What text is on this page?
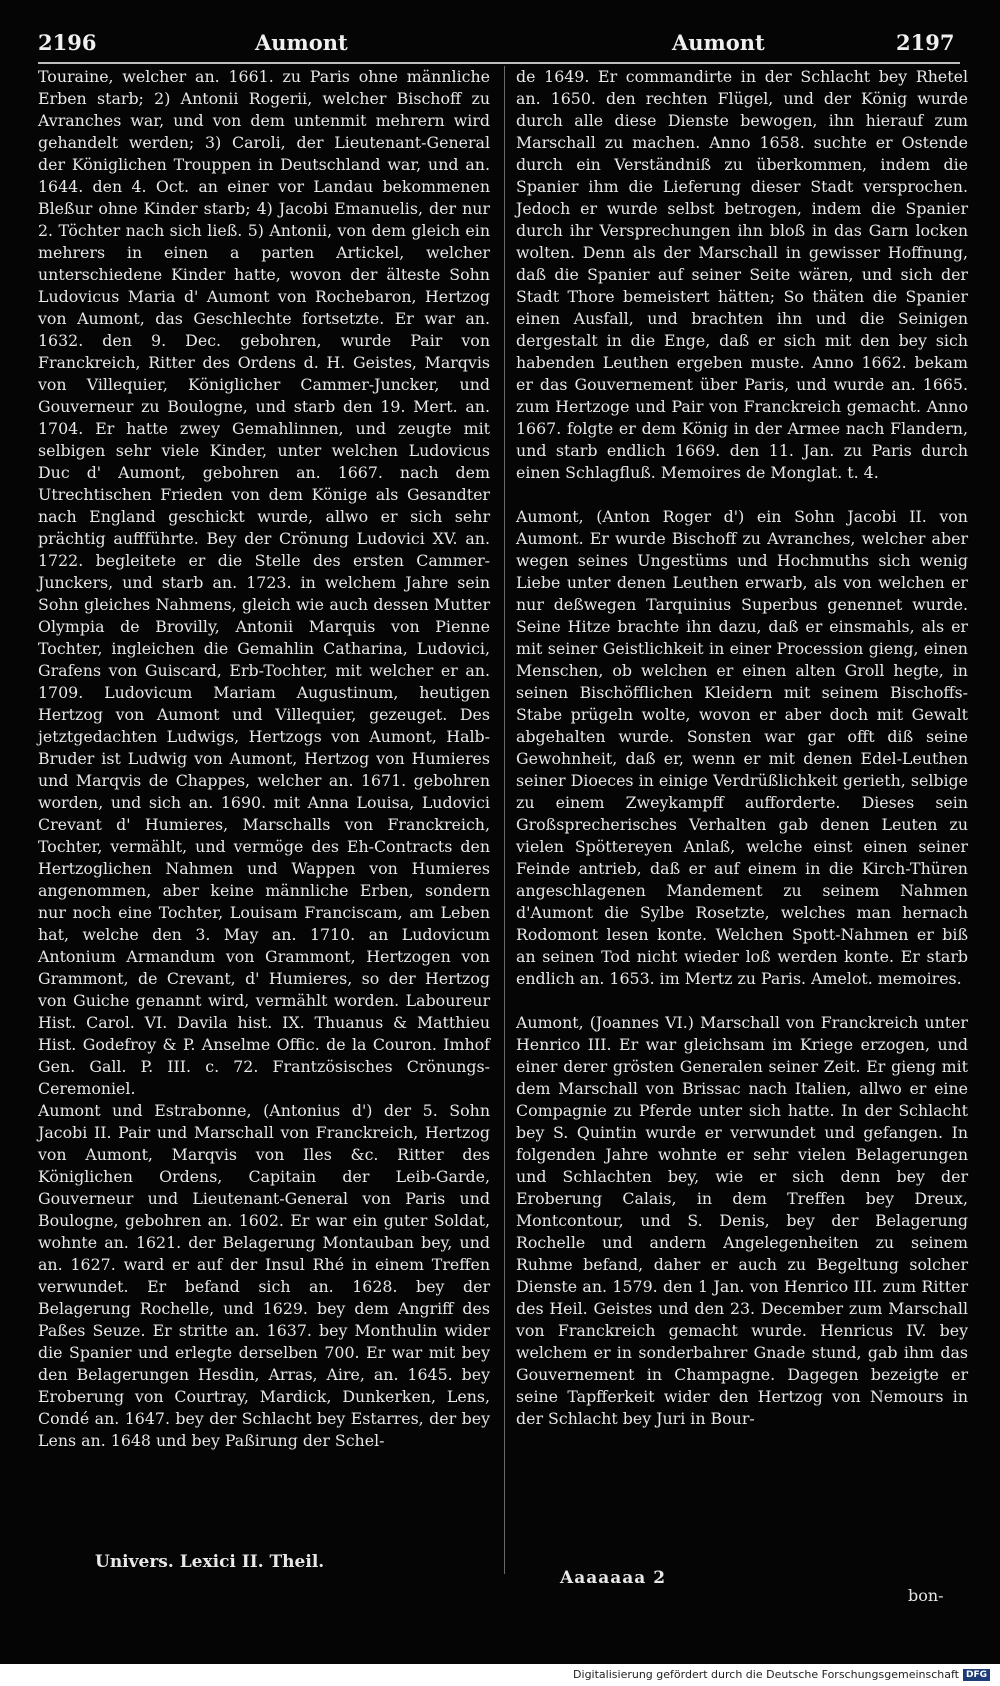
2196	Aumont	Aumont	2197

Touraine, welcher an. 1661. zu Paris ohne männliche Erben starb; 2) Antonii Rogerii, welcher Bischoff zu Avranches war, und von dem untenmit mehrern wird gehandelt werden; 3) Caroli, der Lieutenant-General der Königlichen Trouppen in Deutschland war, und an. 1644. den 4. Oct. an einer vor Landau bekommenen Bleßur ohne Kinder starb; 4) Jacobi Emanuelis, der nur 2. Töchter nach sich ließ. 5) Antonii, von dem gleich ein mehrers in einen a parten Artickel, welcher unterschiedene Kinder hatte, wovon der älteste Sohn Ludovicus Maria d' Aumont von Rochebaron, Hertzog von Aumont, das Geschlechte fortsetzte. Er war an. 1632. den 9. Dec. gebohren, wurde Pair von Franckreich, Ritter des Ordens d. H. Geistes, Marqvis von Villequier, Königlicher Cammer-Juncker, und Gouverneur zu Boulogne, und starb den 19. Mert. an. 1704. Er hatte zwey Gemahlinnen, und zeugte mit selbigen sehr viele Kinder, unter welchen Ludovicus Duc d' Aumont, gebohren an. 1667. nach dem Utrechtischen Frieden von dem Könige als Gesandter nach England geschickt wurde, allwo er sich sehr prächtig auffführte. Bey der Crönung Ludovici XV. an. 1722. begleitete er die Stelle des ersten Cammer-Junckers, und starb an. 1723. in welchem Jahre sein Sohn gleiches Nahmens, gleich wie auch dessen Mutter Olympia de Brovilly, Antonii Marquis von Pienne Tochter, ingleichen die Gemahlin Catharina, Ludovici, Grafens von Guiscard, Erb-Tochter, mit welcher er an. 1709. Ludovicum Mariam Augustinum, heutigen Hertzog von Aumont und Villequier, gezeuget. Des jetztgedachten Ludwigs, Hertzogs von Aumont, Halb-Bruder ist Ludwig von Aumont, Hertzog von Humieres und Marqvis de Chappes, welcher an. 1671. gebohren worden, und sich an. 1690. mit Anna Louisa, Ludovici Crevant d' Humieres, Marschalls von Franckreich, Tochter, vermählt, und vermöge des Eh-Contracts den Hertzoglichen Nahmen und Wappen von Humieres angenommen, aber keine männliche Erben, sondern nur noch eine Tochter, Louisam Franciscam, am Leben hat, welche den 3. May an. 1710. an Ludovicum Antonium Armandum von Grammont, Hertzogen von Grammont, de Crevant, d' Humieres, so der Hertzog von Guiche genannt wird, vermählt worden. Laboureur Hist. Carol. VI. Davila hist. IX. Thuanus & Matthieu Hist. Godefroy & P. Anselme Offic. de la Couron. Imhof Gen. Gall. P. III. c. 72. Frantzösisches Crönungs-Ceremoniel.

Aumont und Estrabonne, (Antonius d') der 5. Sohn Jacobi II. Pair und Marschall von Franckreich, Hertzog von Aumont, Marqvis von Iles &c. Ritter des Königlichen Ordens, Capitain der Leib-Garde, Gouverneur und Lieutenant-General von Paris und Boulogne, gebohren an. 1602. Er war ein guter Soldat, wohnte an. 1621. der Belagerung Montauban bey, und an. 1627. ward er auf der Insul Rhé in einem Treffen verwundet. Er befand sich an. 1628. bey der Belagerung Rochelle, und 1629. bey dem Angriff des Paßes Seuze. Er stritte an. 1637. bey Monthulin wider die Spanier und erlegte derselben 700. Er war mit bey den Belagerungen Hesdin, Arras, Aire, an. 1645. bey Eroberung von Courtray, Mardick, Dunkerken, Lens, Condé an. 1647. bey der Schlacht bey Estarres, der bey Lens an. 1648 und bey Paßirung der Schel-

de 1649. Er commandirte in der Schlacht bey Rhetel an. 1650. den rechten Flügel, und der König wurde durch alle diese Dienste bewogen, ihn hierauf zum Marschall zu machen. Anno 1658. suchte er Ostende durch ein Verständniß zu überkommen, indem die Spanier ihm die Lieferung dieser Stadt versprochen. Jedoch er wurde selbst betrogen, indem die Spanier durch ihr Versprechungen ihn bloß in das Garn locken wolten. Denn als der Marschall in gewisser Hoffnung, daß die Spanier auf seiner Seite wären, und sich der Stadt Thore bemeistert hätten; So thäten die Spanier einen Ausfall, und brachten ihn und die Seinigen dergestalt in die Enge, daß er sich mit den bey sich habenden Leuthen ergeben muste. Anno 1662. bekam er das Gouvernement über Paris, und wurde an. 1665. zum Hertzoge und Pair von Franckreich gemacht. Anno 1667. folgte er dem König in der Armee nach Flandern, und starb endlich 1669. den 11. Jan. zu Paris durch einen Schlagfluß. Memoires de Monglat. t. 4.

Aumont, (Anton Roger d') ein Sohn Jacobi II. von Aumont. Er wurde Bischoff zu Avranches, welcher aber wegen seines Ungestüms und Hochmuths sich wenig Liebe unter denen Leuthen erwarb, als von welchen er nur deßwegen Tarquinius Superbus genennet wurde. Seine Hitze brachte ihn dazu, daß er einsmahls, als er mit seiner Geistlichkeit in einer Procession gieng, einen Menschen, ob welchen er einen alten Groll hegte, in seinen Bischöfflichen Kleidern mit seinem Bischoffs-Stabe prügeln wolte, wovon er aber doch mit Gewalt abgehalten wurde. Sonsten war gar offt diß seine Gewohnheit, daß er, wenn er mit denen Edel-Leuthen seiner Dioeces in einige Verdrüßlichkeit gerieth, selbige zu einem Zweykampff aufforderte. Dieses sein Großsprecherisches Verhalten gab denen Leuten zu vielen Spöttereyen Anlaß, welche einst einen seiner Feinde antrieb, daß er auf einem in die Kirch-Thüren angeschlagenen Mandement zu seinem Nahmen d'Aumont die Sylbe Rosetzte, welches man hernach Rodomont lesen konte. Welchen Spott-Nahmen er biß an seinen Tod nicht wieder loß werden konte. Er starb endlich an. 1653. im Mertz zu Paris. Amelot. memoires.

Aumont, (Joannes VI.) Marschall von Franckreich unter Henrico III. Er war gleichsam im Kriege erzogen, und einer derer grösten Generalen seiner Zeit. Er gieng mit dem Marschall von Brissac nach Italien, allwo er eine Compagnie zu Pferde unter sich hatte. In der Schlacht bey S. Quintin wurde er verwundet und gefangen. In folgenden Jahre wohnte er sehr vielen Belagerungen und Schlachten bey, wie er sich denn bey der Eroberung Calais, in dem Treffen bey Dreux, Montcontour, und S. Denis, bey der Belagerung Rochelle und andern Angelegenheiten zu seinem Ruhme befand, daher er auch zu Begeltung solcher Dienste an. 1579. den 1 Jan. von Henrico III. zum Ritter des Heil. Geistes und den 23. December zum Marschall von Franckreich gemacht wurde. Henricus IV. bey welchem er in sonderbahrer Gnade stund, gab ihm das Gouvernement in Champagne. Dagegen bezeigte er seine Tapfferkeit wider den Hertzog von Nemours in der Schlacht bey Juri in Bour-

Univers. Lexici II. Theil.
Aaaaaaa 2
bon-
Digitalisierung gefördert durch die Deutsche Forschungsgemeinschaft DFG
